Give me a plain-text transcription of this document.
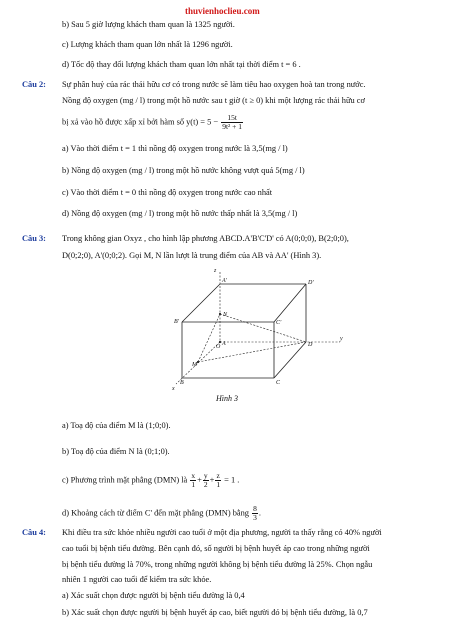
thuvienhoclieu.com
b) Sau 5 giờ lượng khách tham quan là 1325 người.
c) Lượng khách tham quan lớn nhất là 1296 người.
d) Tốc độ thay đổi lượng khách tham quan lớn nhất tại thời điểm t = 6 .
Câu 2: Sự phân huỷ của rác thải hữu cơ có trong nước sẽ làm tiêu hao oxygen hoà tan trong nước.
Nồng độ oxygen (mg / l) trong một hồ nước sau t giờ (t ≥ 0) khi một lượng rác thải hữu cơ
bị xả vào hồ được xấp xỉ bởi hàm số $y(t) = 5 - \frac{15t}{\text{9t² + 1}}$
a) Vào thời điểm t = 1 thì nồng độ oxygen trong nước là 3,5(mg / l)
b) Nồng độ oxygen (mg / l) trong một hồ nước không vượt quá 5(mg / l)
c) Vào thời điểm t = 0 thì nồng độ oxygen trong nước cao nhất
d) Nồng độ oxygen (mg / l) trong một hồ nước thấp nhất là 3,5(mg / l)
Câu 3: Trong không gian Oxyz , cho hình lập phương ABCD.A'B'C'D' có A(0;0;0), B(2;0;0),
D(0;2;0), A'(0;0;2). Gọi M, N lần lượt là trung điểm của AB và AA' (Hình 3).
z
A'	D'
B'	C'
N
A
O	D
y
M
B
x
C
Hình 3
a) Toạ độ của điểm M là (1;0;0).
b) Toạ độ của điểm N là (0;1;0).
c) Phương trình mặt phẳng (DMN) là $\frac{x}{1} + \frac{y}{2} + \frac{z}{1} = 1$ .
d) Khoảng cách từ điểm C' đến mặt phẳng (DMN) bằng $\frac{8}{3}$ .
Câu 4: Khi điều tra sức khỏe nhiều người cao tuổi ở một địa phương, người ta thấy rằng có 40% người
cao tuổi bị bệnh tiểu đường. Bên cạnh đó, số người bị bệnh huyết áp cao trong những người
bị bệnh tiểu đường là 70%, trong những người không bị bệnh tiểu đường là 25%. Chọn ngẫu
nhiên 1 người cao tuổi để kiểm tra sức khỏe.
a) Xác suất chọn được người bị bệnh tiểu đường là 0,4
b) Xác suất chọn được người bị bệnh huyết áp cao, biết người đó bị bệnh tiểu đường, là 0,7
